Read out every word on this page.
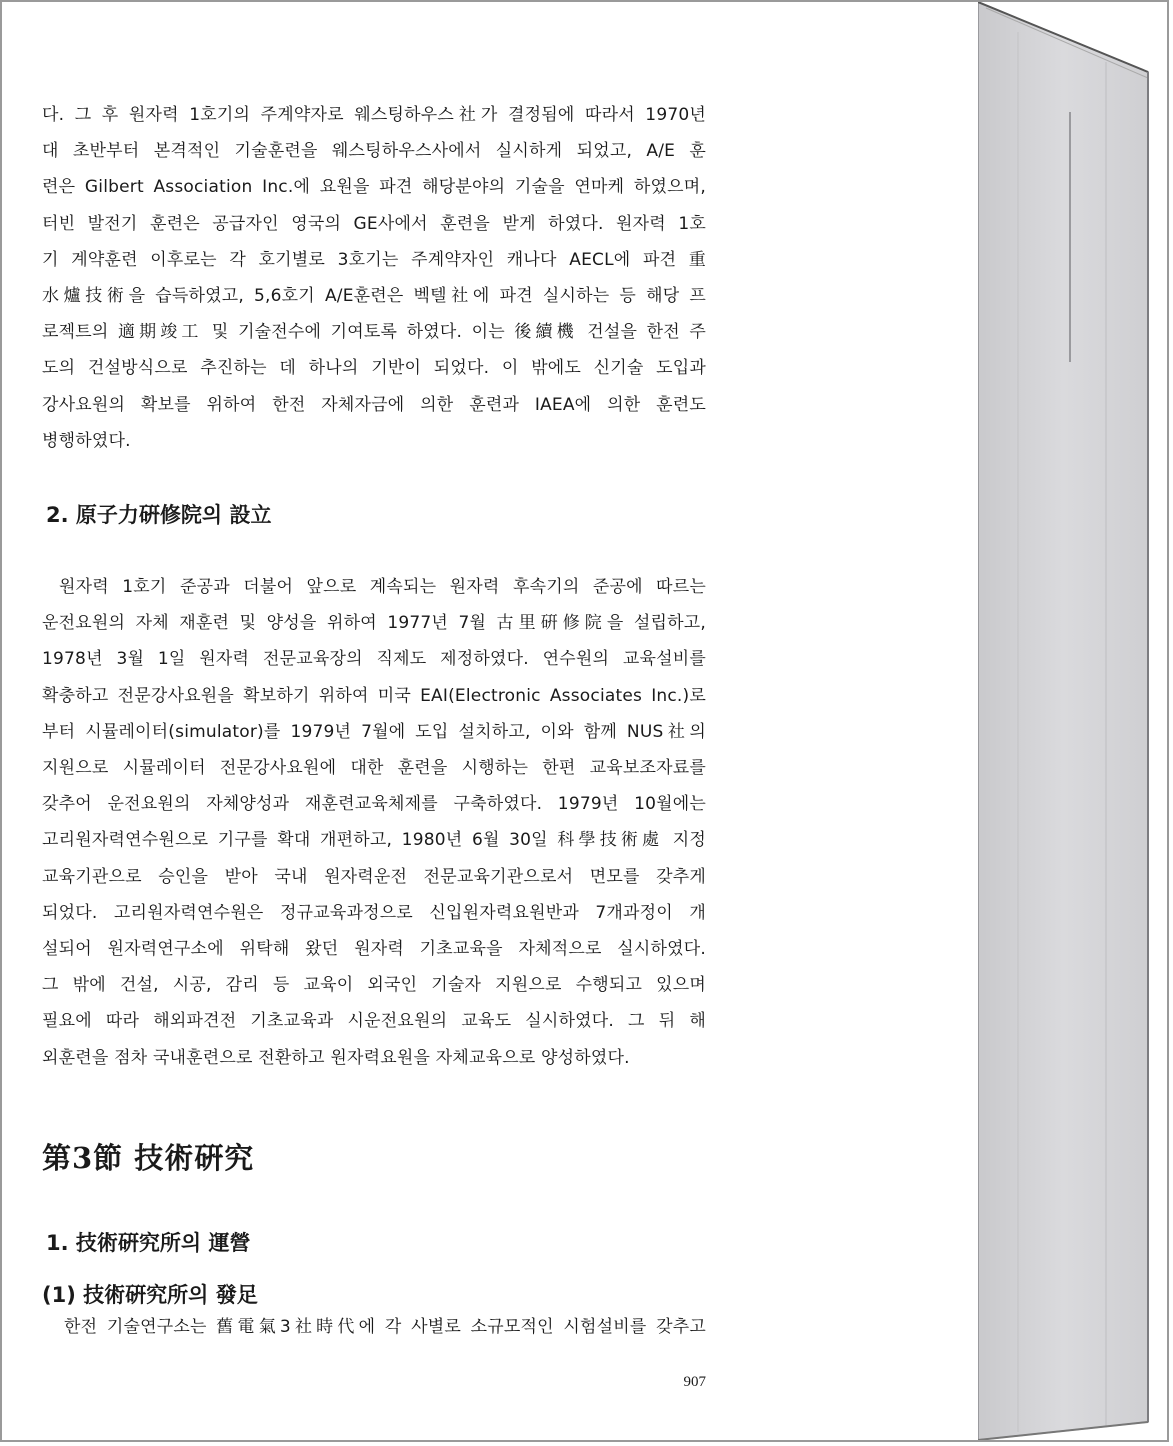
다. 그 후 원자력 1호기의 주계약자로 웨스팅하우스社가 결정됨에 따라서 1970년

대 초반부터 본격적인 기술훈련을 웨스팅하우스사에서 실시하게 되었고, A/E 훈

련은 Gilbert Association Inc.에 요원을 파견 해당분야의 기술을 연마케 하였으며,

터빈 발전기 훈련은 공급자인 영국의 GE사에서 훈련을 받게 하였다. 원자력 1호

기 계약훈련 이후로는 각 호기별로 3호기는 주계약자인 캐나다 AECL에 파견 重

水爐技術을 습득하였고, 5,6호기 A/E훈련은 벡텔社에 파견 실시하는 등 해당 프

로젝트의 適期竣工 및 기술전수에 기여토록 하였다. 이는 後續機 건설을 한전 주

도의 건설방식으로 추진하는 데 하나의 기반이 되었다. 이 밖에도 신기술 도입과

강사요원의 확보를 위하여 한전 자체자금에 의한 훈련과 IAEA에 의한 훈련도

병행하였다.

2. 原子力硏修院의 設立

원자력 1호기 준공과 더불어 앞으로 계속되는 원자력 후속기의 준공에 따르는

운전요원의 자체 재훈련 및 양성을 위하여 1977년 7월 古里硏修院을 설립하고,

1978년 3월 1일 원자력 전문교육장의 직제도 제정하였다. 연수원의 교육설비를

확충하고 전문강사요원을 확보하기 위하여 미국 EAI(Electronic Associates Inc.)로

부터 시뮬레이터(simulator)를 1979년 7월에 도입 설치하고, 이와 함께 NUS社의

지원으로 시뮬레이터 전문강사요원에 대한 훈련을 시행하는 한편 교육보조자료를

갖추어 운전요원의 자체양성과 재훈련교육체제를 구축하였다. 1979년 10월에는

고리원자력연수원으로 기구를 확대 개편하고, 1980년 6월 30일 科學技術處 지정

교육기관으로 승인을 받아 국내 원자력운전 전문교육기관으로서 면모를 갖추게

되었다. 고리원자력연수원은 정규교육과정으로 신입원자력요원반과 7개과정이 개

설되어 원자력연구소에 위탁해 왔던 원자력 기초교육을 자체적으로 실시하였다.

그 밖에 건설, 시공, 감리 등 교육이 외국인 기술자 지원으로 수행되고 있으며

필요에 따라 해외파견전 기초교육과 시운전요원의 교육도 실시하였다. 그 뒤 해

외훈련을 점차 국내훈련으로 전환하고 원자력요원을 자체교육으로 양성하였다.

第3節 技術硏究
1. 技術硏究所의 運營
(1) 技術硏究所의 發足

한전 기술연구소는 舊電氣3社時代에 각 사별로 소규모적인 시험설비를 갖추고

907
